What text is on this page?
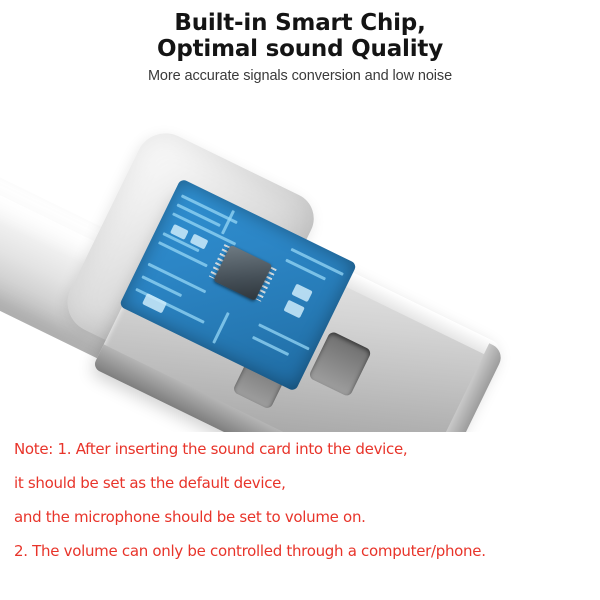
Built-in Smart Chip,
Optimal sound Quality
More accurate signals conversion and low noise
Note: 1. After inserting the sound card into the device,
it should be set as the default device,
and the microphone should be set to volume on.
2. The volume can only be controlled through a computer/phone.
